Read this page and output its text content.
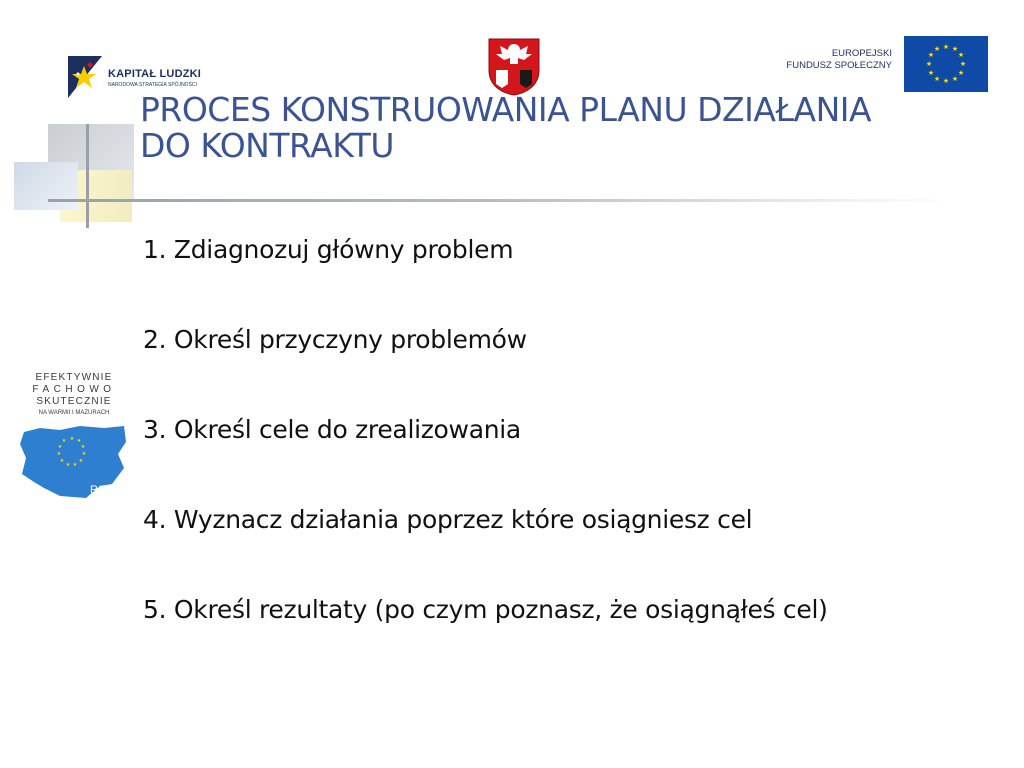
KAPITAŁ LUDZKI
NARODOWA STRATEGIA SPÓJNOŚCI
EUROPEJSKI
FUNDUSZ SPOŁECZNY
★ ★
★
★
★
★
★
★
★
★
★
★
PROCES KONSTRUOWANIA PLANU DZIAŁANIA
DO KONTRAKTU
1. Zdiagnozuj główny problem
2. Określ przyczyny problemów
3. Określ cele do zrealizowania
4. Wyznacz działania poprzez które osiągniesz cel
5. Określ rezultaty (po czym poznasz, że osiągnąłeś cel)
EFEKTYWNIE
FACHOWO
SKUTECZNIE
NA WARMII I MAZURACH
★ ★
★
★
★
★
★
★
★
★
★
ROPS
